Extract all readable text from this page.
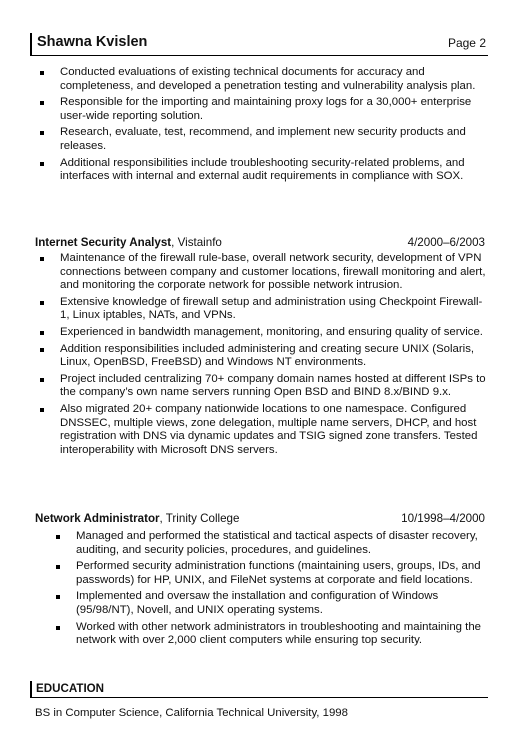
Shawna Kvislen	Page 2
Conducted evaluations of existing technical documents for accuracy and completeness, and developed a penetration testing and vulnerability analysis plan.
Responsible for the importing and maintaining proxy logs for a 30,000+ enterprise user-wide reporting solution.
Research, evaluate, test, recommend, and implement new security products and releases.
Additional responsibilities include troubleshooting security-related problems, and interfaces with internal and external audit requirements in compliance with SOX.
Internet Security Analyst, Vistainfo	4/2000–6/2003
Maintenance of the firewall rule-base, overall network security, development of VPN connections between company and customer locations, firewall monitoring and alert, and monitoring the corporate network for possible network intrusion.
Extensive knowledge of firewall setup and administration using Checkpoint Firewall-1, Linux iptables, NATs, and VPNs.
Experienced in bandwidth management, monitoring, and ensuring quality of service.
Addition responsibilities included administering and creating secure UNIX (Solaris, Linux, OpenBSD, FreeBSD) and Windows NT environments.
Project included centralizing 70+ company domain names hosted at different ISPs to the company’s own name servers running Open BSD and BIND 8.x/BIND 9.x.
Also migrated 20+ company nationwide locations to one namespace. Configured DNSSEC, multiple views, zone delegation, multiple name servers, DHCP, and host registration with DNS via dynamic updates and TSIG signed zone transfers. Tested interoperability with Microsoft DNS servers.
Network Administrator, Trinity College	10/1998–4/2000
Managed and performed the statistical and tactical aspects of disaster recovery, auditing, and security policies, procedures, and guidelines.
Performed security administration functions (maintaining users, groups, IDs, and passwords) for HP, UNIX, and FileNet systems at corporate and field locations.
Implemented and oversaw the installation and configuration of Windows (95/98/NT), Novell, and UNIX operating systems.
Worked with other network administrators in troubleshooting and maintaining the network with over 2,000 client computers while ensuring top security.
EDUCATION
BS in Computer Science, California Technical University, 1998
